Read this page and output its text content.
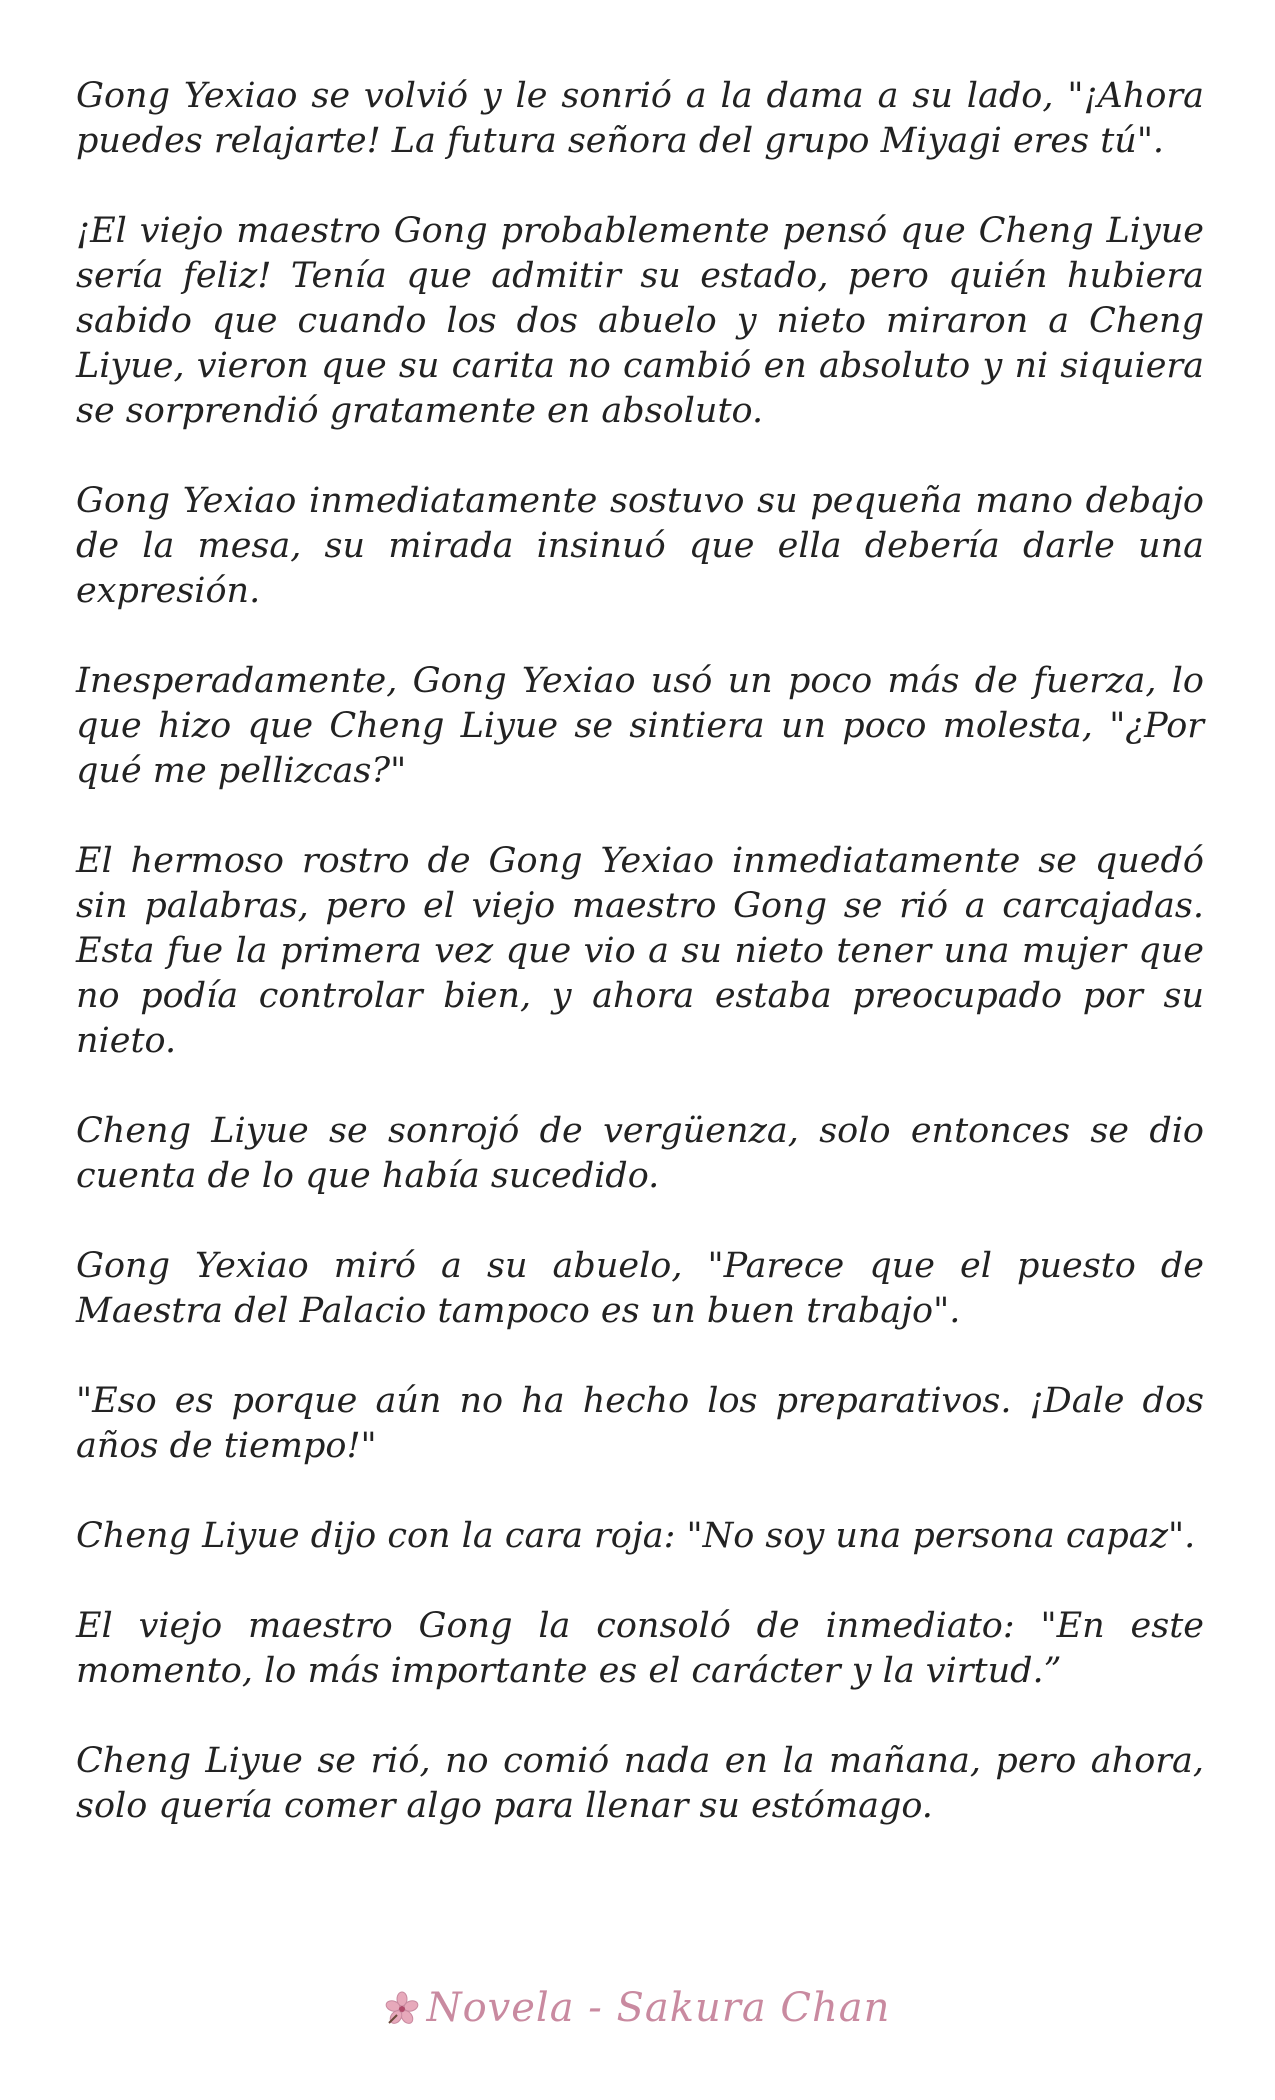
Gong Yexiao se volvió y le sonrió a la dama a su lado, "¡Ahora puedes relajarte! La futura señora del grupo Miyagi eres tú".

¡El viejo maestro Gong probablemente pensó que Cheng Liyue sería feliz! Tenía que admitir su estado, pero quién hubiera sabido que cuando los dos abuelo y nieto miraron a Cheng Liyue, vieron que su carita no cambió en absoluto y ni siquiera se sorprendió gratamente en absoluto.

Gong Yexiao inmediatamente sostuvo su pequeña mano debajo de la mesa, su mirada insinuó que ella debería darle una expresión.

Inesperadamente, Gong Yexiao usó un poco más de fuerza, lo que hizo que Cheng Liyue se sintiera un poco molesta, "¿Por qué me pellizcas?"

El hermoso rostro de Gong Yexiao inmediatamente se quedó sin palabras, pero el viejo maestro Gong se rió a carcajadas. Esta fue la primera vez que vio a su nieto tener una mujer que no podía controlar bien, y ahora estaba preocupado por su nieto.

Cheng Liyue se sonrojó de vergüenza, solo entonces se dio cuenta de lo que había sucedido.

Gong Yexiao miró a su abuelo, "Parece que el puesto de Maestra del Palacio tampoco es un buen trabajo".

"Eso es porque aún no ha hecho los preparativos. ¡Dale dos años de tiempo!"

Cheng Liyue dijo con la cara roja: "No soy una persona capaz".

El viejo maestro Gong la consoló de inmediato: "En este momento, lo más importante es el carácter y la virtud.”

Cheng Liyue se rió, no comió nada en la mañana, pero ahora, solo quería comer algo para llenar su estómago.

Novela - Sakura Chan
